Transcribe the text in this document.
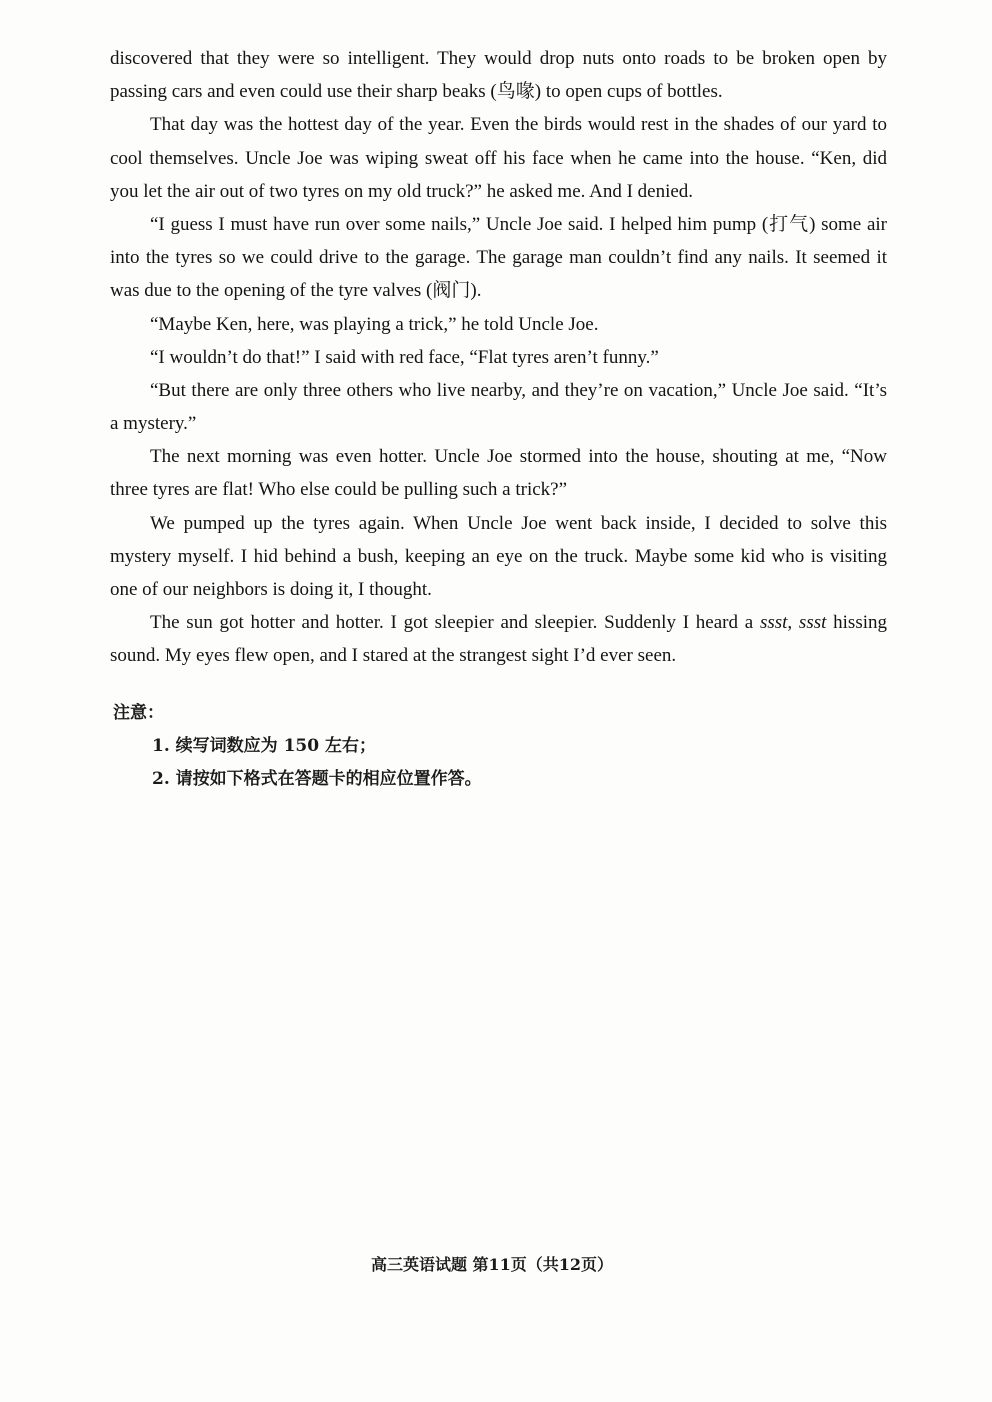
discovered that they were so intelligent. They would drop nuts onto roads to be broken open by
passing cars and even could use their sharp beaks (鸟喙) to open cups of bottles.
That day was the hottest day of the year. Even the birds would rest in the shades of our yard to
cool themselves. Uncle Joe was wiping sweat off his face when he came into the house. “Ken, did
you let the air out of two tyres on my old truck?” he asked me. And I denied.
“I guess I must have run over some nails,” Uncle Joe said. I helped him pump (打气) some air
into the tyres so we could drive to the garage. The garage man couldn’t find any nails. It seemed it
was due to the opening of the tyre valves (阀门).
“Maybe Ken, here, was playing a trick,” he told Uncle Joe.
“I wouldn’t do that!” I said with red face, “Flat tyres aren’t funny.”
“But there are only three others who live nearby, and they’re on vacation,” Uncle Joe said. “It’s
a mystery.”
The next morning was even hotter. Uncle Joe stormed into the house, shouting at me, “Now
three tyres are flat! Who else could be pulling such a trick?”
We pumped up the tyres again. When Uncle Joe went back inside, I decided to solve this
mystery myself. I hid behind a bush, keeping an eye on the truck. Maybe some kid who is visiting
one of our neighbors is doing it, I thought.
The sun got hotter and hotter. I got sleepier and sleepier. Suddenly I heard a ssst, ssst hissing
sound. My eyes flew open, and I stared at the strangest sight I’d ever seen.
注意：
1. 续写词数应为 150 左右；
2. 请按如下格式在答题卡的相应位置作答。
高三英语试题 第11页（共12页）
